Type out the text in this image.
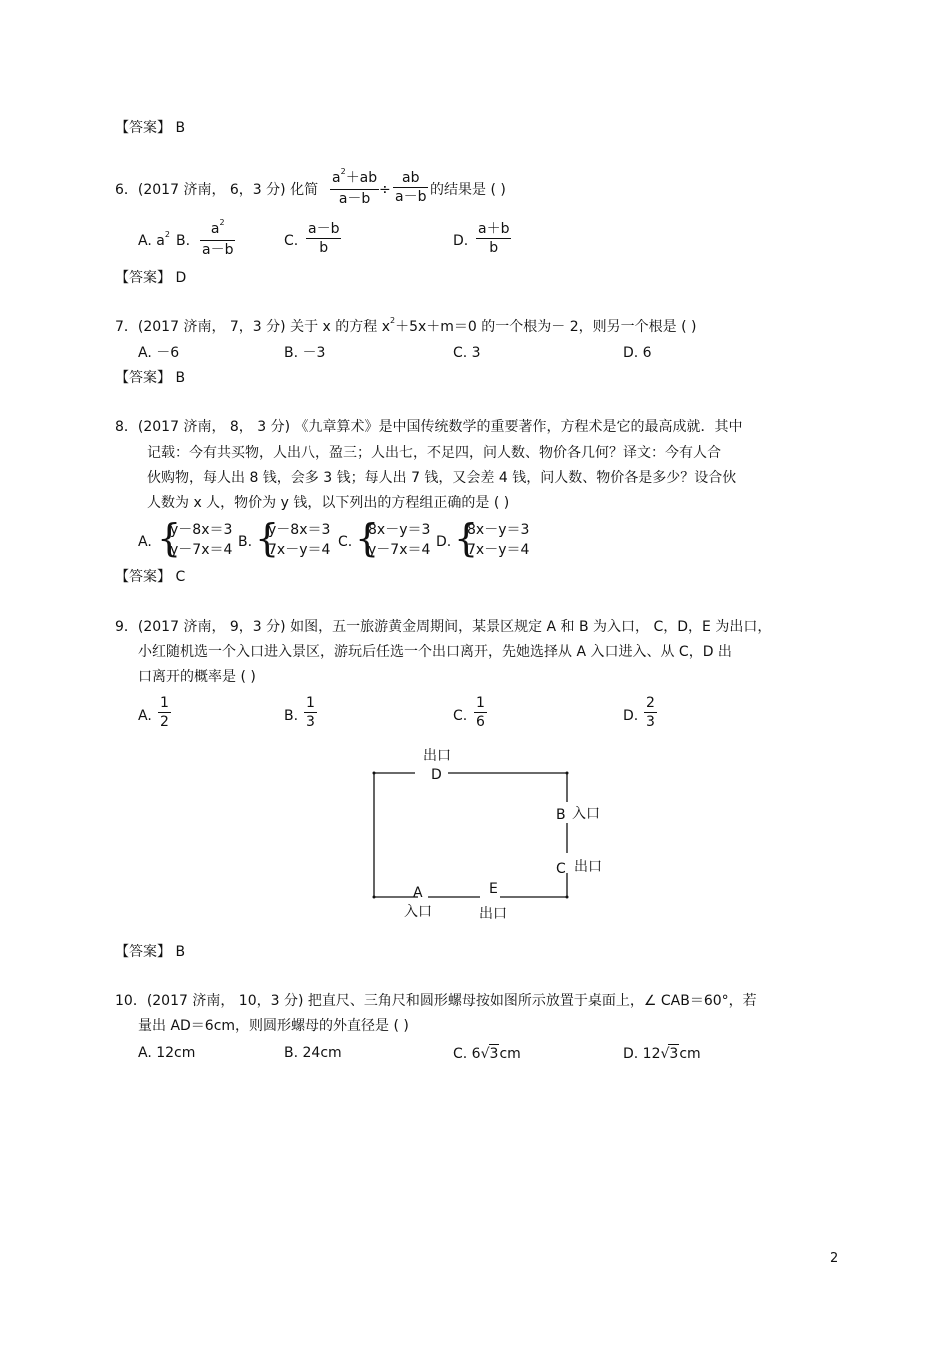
【答案】 B
6．(2017 济南， 6，3 分) 化简 $\frac{a^2+ab}{a-b} \div \frac{ab}{a-b}$ 的结果是 ( )
A. $a^2$ B. $\frac{a^2}{a-b}$	C. $\frac{a-b}{b}$	D. $\frac{a+b}{b}$
【答案】 D
7．(2017 济南， 7，3 分) 关于 x 的方程 $x^2+5x+m=0$ 的一个根为－ 2，则另一个根是 ( )
A. －6	B. －3	C. 3	D. 6
【答案】 B
8．(2017 济南， 8， 3 分) 《九章算术》是中国传统数学的重要著作，方程术是它的最高成就．其中
记载：今有共买物，人出八，盈三；人出七，不足四，问人数、物价各几何？译文：今有人合
伙购物，每人出 8 钱，会多 3 钱；每人出 7 钱，又会差 4 钱，问人数、物价各是多少？设合伙
人数为 x 人，物价为 y 钱，以下列出的方程组正确的是 ( )
A. {
y－8x＝3
y－7x＝4 B. {
y－8x＝3
7x－y＝4 C. {
8x－y＝3
y－7x＝4 D. {
8x－y＝3
7x－y＝4
【答案】 C
9．(2017 济南， 9，3 分) 如图，五一旅游黄金周期间，某景区规定 A 和 B 为入口， C，D，E 为出口，
小红随机选一个入口进入景区，游玩后任选一个出口离开，先她选择从 A 入口进入、从 C，D 出
口离开的概率是 ( )
A. $\frac{1}{2}$	B. $\frac{1}{3}$	C. $\frac{1}{6}$	D. $\frac{2}{3}$
出口
D
B 入口
C 出口
A
入口
E
出口
【答案】 B
10．(2017 济南， 10，3 分) 把直尺、三角尺和圆形螺母按如图所示放置于桌面上，∠ CAB＝60°，若
量出 AD＝6cm，则圆形螺母的外直径是 ( )
A. 12cm	B. 24cm	C. 6√3cm	D. 12√3cm
2
